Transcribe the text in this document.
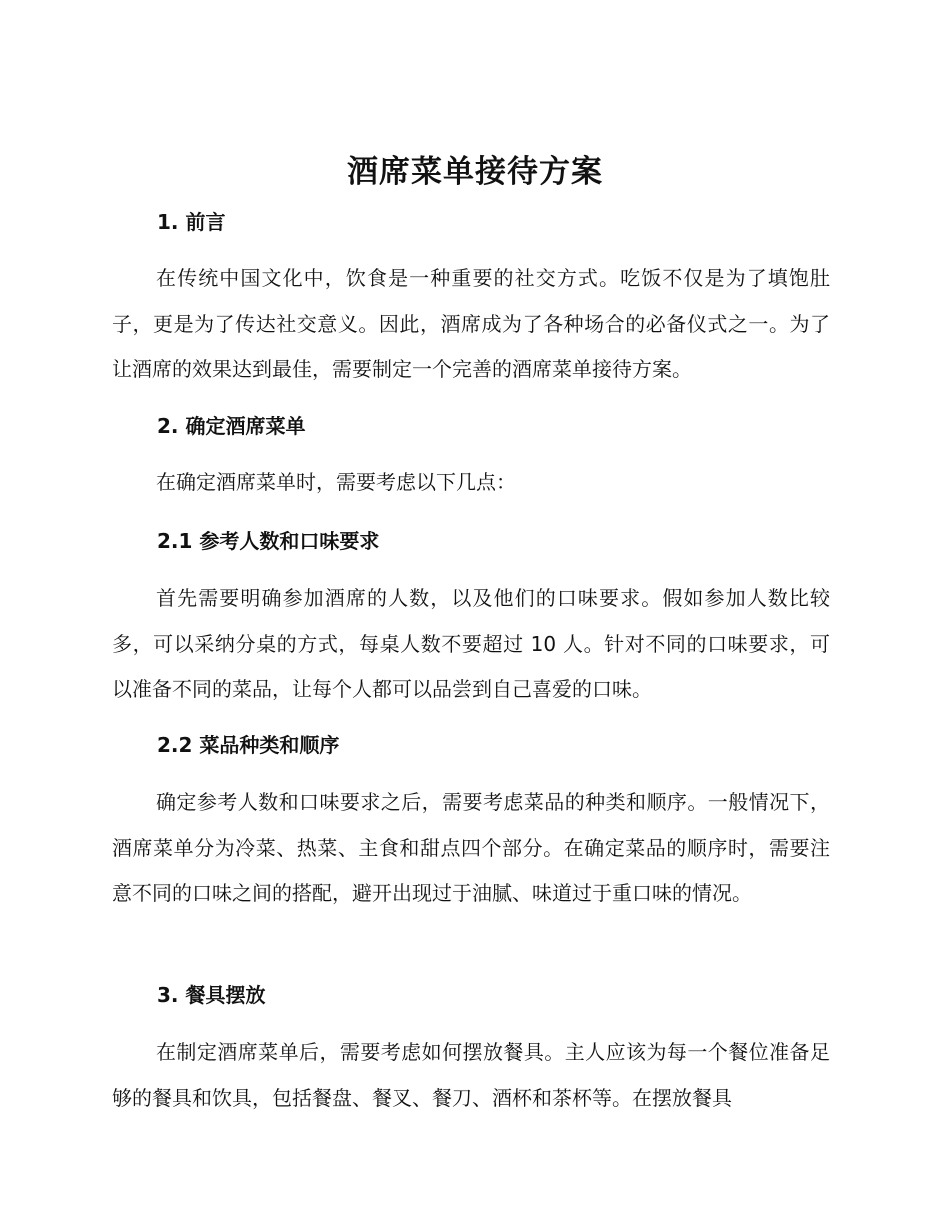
酒席菜单接待方案
1. 前言

在传统中国文化中，饮食是一种重要的社交方式。吃饭不仅是为了填饱肚子，更是为了传达社交意义。因此，酒席成为了各种场合的必备仪式之一。为了让酒席的效果达到最佳，需要制定一个完善的酒席菜单接待方案。

2. 确定酒席菜单

在确定酒席菜单时，需要考虑以下几点：

2.1 参考人数和口味要求

首先需要明确参加酒席的人数，以及他们的口味要求。假如参加人数比较多，可以采纳分桌的方式，每桌人数不要超过 10 人。针对不同的口味要求，可以准备不同的菜品，让每个人都可以品尝到自己喜爱的口味。

2.2 菜品种类和顺序

确定参考人数和口味要求之后，需要考虑菜品的种类和顺序。一般情况下，酒席菜单分为冷菜、热菜、主食和甜点四个部分。在确定菜品的顺序时，需要注意不同的口味之间的搭配，避开出现过于油腻、味道过于重口味的情况。

3. 餐具摆放

在制定酒席菜单后，需要考虑如何摆放餐具。主人应该为每一个餐位准备足够的餐具和饮具，包括餐盘、餐叉、餐刀、酒杯和茶杯等。在摆放餐具
